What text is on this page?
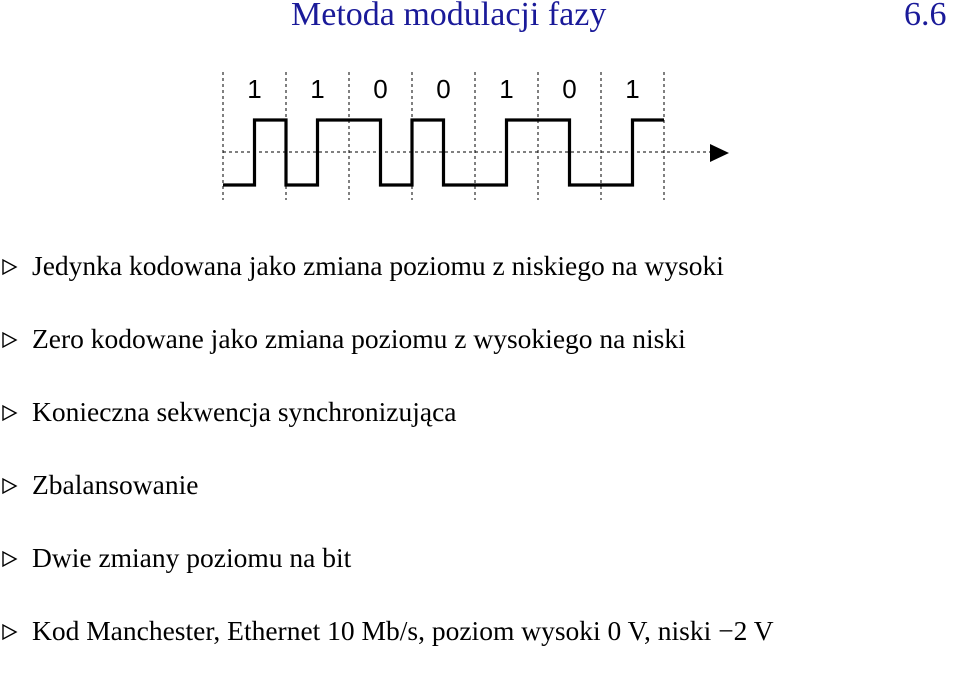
Metoda modulacji fazy	6.6
1 1 0 0 1 0 1
Jedynka kodowana jako zmiana poziomu z niskiego na wysoki
Zero kodowane jako zmiana poziomu z wysokiego na niski
Konieczna sekwencja synchronizująca
Zbalansowanie
Dwie zmiany poziomu na bit
Kod Manchester, Ethernet 10 Mb/s, poziom wysoki 0 V, niski −2 V
